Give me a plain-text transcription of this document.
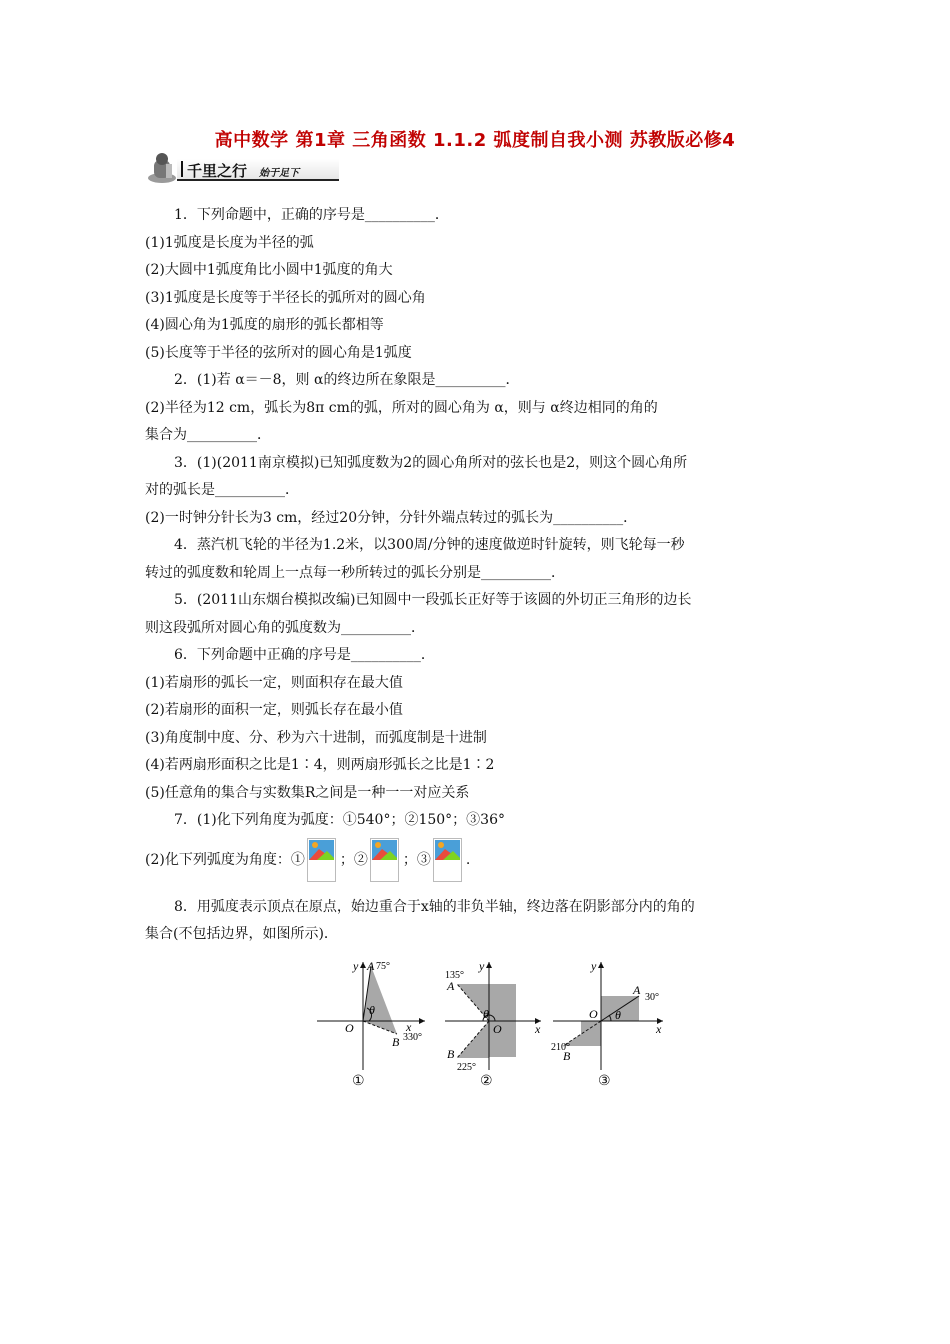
高中数学 第1章 三角函数 1.1.2 弧度制自我小测 苏教版必修4
千里之行 始于足下
1．下列命题中，正确的序号是__________．
(1)1弧度是长度为半径的弧
(2)大圆中1弧度角比小圆中1弧度的角大
(3)1弧度是长度等于半径长的弧所对的圆心角
(4)圆心角为1弧度的扇形的弧长都相等
(5)长度等于半径的弦所对的圆心角是1弧度
2．(1)若 α＝－8，则 α的终边所在象限是__________．
(2)半径为12 cm，弧长为8π cm的弧，所对的圆心角为 α，则与 α终边相同的角的
集合为__________．
3．(1)(2011南京模拟)已知弧度数为2的圆心角所对的弦长也是2，则这个圆心角所
对的弧长是__________．
(2)一时钟分针长为3 cm，经过20分钟，分针外端点转过的弧长为__________．
4．蒸汽机飞轮的半径为1.2米，以300周/分钟的速度做逆时针旋转，则飞轮每一秒
转过的弧度数和轮周上一点每一秒所转过的弧长分别是__________．
5．(2011山东烟台模拟改编)已知圆中一段弧长正好等于该圆的外切正三角形的边长
则这段弧所对圆心角的弧度数为__________．
6．下列命题中正确的序号是__________．
(1)若扇形的弧长一定，则面积存在最大值
(2)若扇形的面积一定，则弧长存在最小值
(3)角度制中度、分、秒为六十进制，而弧度制是十进制
(4)若两扇形面积之比是1∶4，则两扇形弧长之比是1∶2
(5)任意角的集合与实数集R之间是一种一一对应关系
7．(1)化下列角度为弧度：①540°；②150°；③36°
(2)化下列弧度为角度：①	；②	；③	.
8．用弧度表示顶点在原点，始边重合于x轴的非负半轴，终边落在阴影部分内的角的
集合(不包括边界，如图所示)．
y
x
O
θ
A 75°
B 330°
①
y
x
O
θ
A
135°
B
225°
②
y
x
O θ
A
30°
B
210°
③
